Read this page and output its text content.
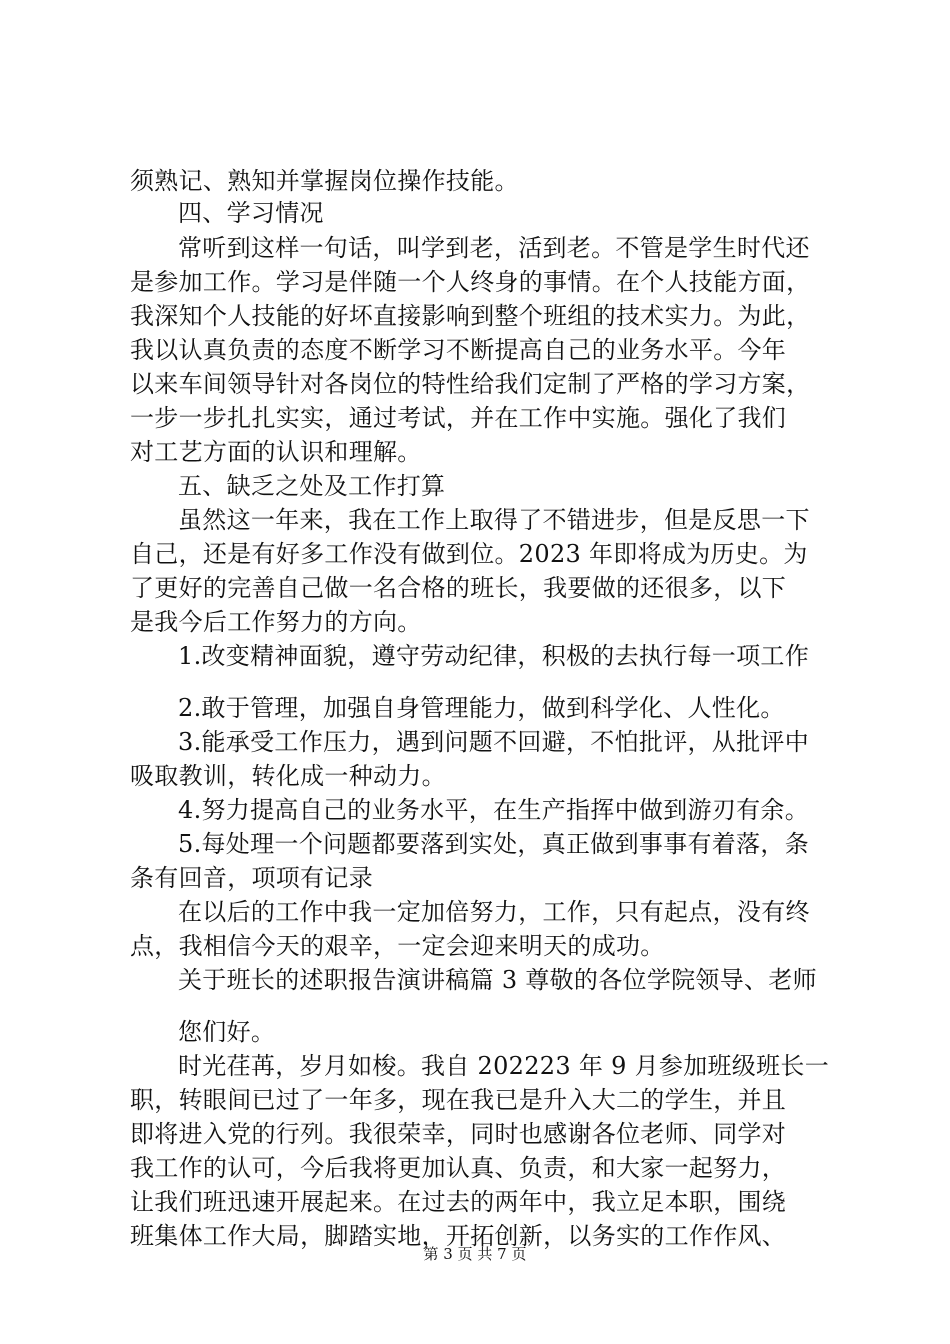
须熟记、熟知并掌握岗位操作技能。
四、学习情况
常听到这样一句话，叫学到老，活到老。不管是学生时代还
是参加工作。学习是伴随一个人终身的事情。在个人技能方面，
我深知个人技能的好坏直接影响到整个班组的技术实力。为此，
我以认真负责的态度不断学习不断提高自己的业务水平。今年
以来车间领导针对各岗位的特性给我们定制了严格的学习方案，
一步一步扎扎实实，通过考试，并在工作中实施。强化了我们
对工艺方面的认识和理解。
五、缺乏之处及工作打算
虽然这一年来，我在工作上取得了不错进步，但是反思一下
自己，还是有好多工作没有做到位。2023 年即将成为历史。为
了更好的完善自己做一名合格的班长，我要做的还很多，以下
是我今后工作努力的方向。
1.改变精神面貌，遵守劳动纪律，积极的去执行每一项工作
2.敢于管理，加强自身管理能力，做到科学化、人性化。
3.能承受工作压力，遇到问题不回避，不怕批评，从批评中
吸取教训，转化成一种动力。
4.努力提高自己的业务水平，在生产指挥中做到游刃有余。
5.每处理一个问题都要落到实处，真正做到事事有着落，条
条有回音，项项有记录
在以后的工作中我一定加倍努力，工作，只有起点，没有终
点，我相信今天的艰辛，一定会迎来明天的成功。
关于班长的述职报告演讲稿篇 3 尊敬的各位学院领导、老师
您们好。
时光荏苒，岁月如梭。我自 202223 年 9 月参加班级班长一
职，转眼间已过了一年多，现在我已是升入大二的学生，并且
即将进入党的行列。我很荣幸，同时也感谢各位老师、同学对
我工作的认可，今后我将更加认真、负责，和大家一起努力，
让我们班迅速开展起来。在过去的两年中，我立足本职，围绕
班集体工作大局，脚踏实地，开拓创新，以务实的工作作风、
第 3 页 共 7 页
